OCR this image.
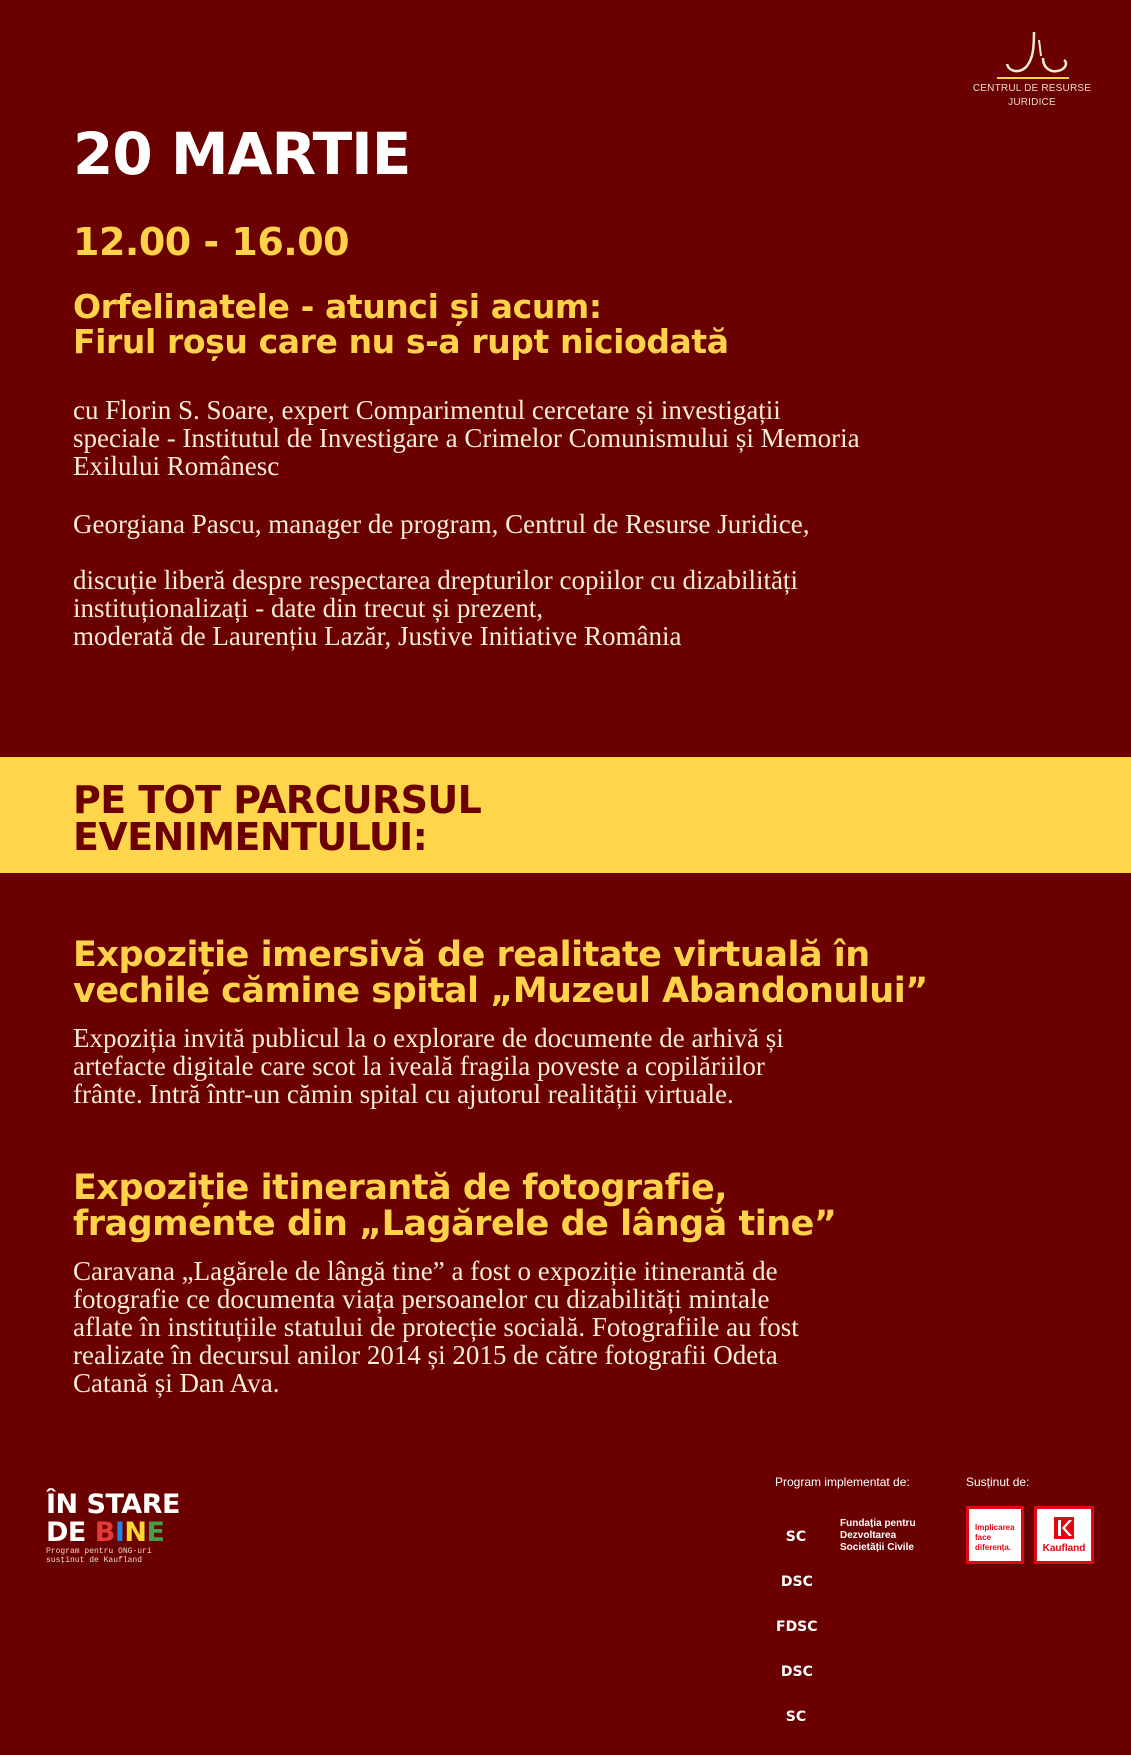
CENTRUL DE RESURSE
JURIDICE
20 MARTIE
12.00 - 16.00
Orfelinatele - atunci și acum:
Firul roșu care nu s-a rupt niciodată
cu Florin S. Soare, expert Comparimentul cercetare și investigații
speciale - Institutul de Investigare a Crimelor Comunismului și Memoria
Exilului Românesc
Georgiana Pascu, manager de program, Centrul de Resurse Juridice,
discuție liberă despre respectarea drepturilor copiilor cu dizabilități
instituționalizați - date din trecut și prezent,
moderată de Laurențiu Lazăr, Justive Initiative România
PE TOT PARCURSUL
EVENIMENTULUI:
Expoziție imersivă de realitate virtuală în
vechile cămine spital „Muzeul Abandonului”
Expoziția invită publicul la o explorare de documente de arhivă și
artefacte digitale care scot la iveală fragila poveste a copilăriilor
frânte. Intră într-un cămin spital cu ajutorul realității virtuale.
Expoziție itinerantă de fotografie,
fragmente din „Lagărele de lângă tine”
Caravana „Lagărele de lângă tine” a fost o expoziție itinerantă de
fotografie ce documenta viața persoanelor cu dizabilități mintale
aflate în instituțiile statului de protecție socială. Fotografiile au fost
realizate în decursul anilor 2014 și 2015 de către fotografii Odeta
Catană și Dan Ava.
ÎN STARE
DE BINE
Program pentru ONG-uri
susținut de Kaufland
Program implementat de:	Susținut de:

SC

DSC

FDSC

DSC

SC

Fundația pentru
Dezvoltarea
Societății Civile
Implicarea
face
diferența.	Kaufland
